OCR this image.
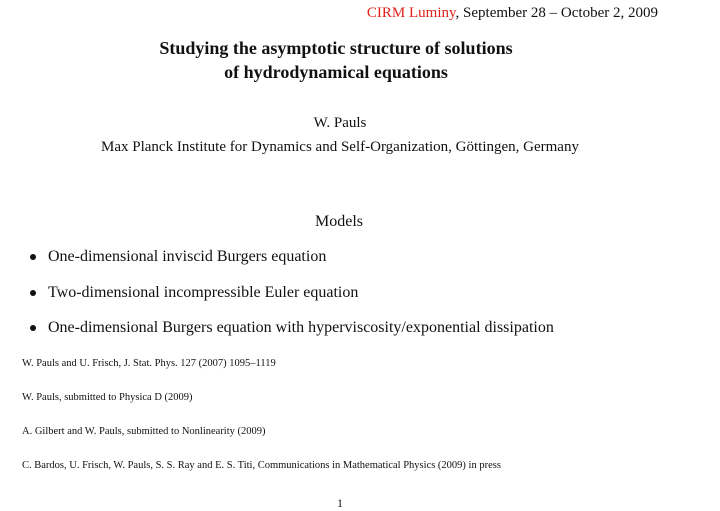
CIRM Luminy, September 28 – October 2, 2009
Studying the asymptotic structure of solutions
of hydrodynamical equations
W. Pauls
Max Planck Institute for Dynamics and Self-Organization, Göttingen, Germany
Models
One-dimensional inviscid Burgers equation
Two-dimensional incompressible Euler equation
One-dimensional Burgers equation with hyperviscosity/exponential dissipation
W. Pauls and U. Frisch, J. Stat. Phys. 127 (2007) 1095–1119
W. Pauls, submitted to Physica D (2009)
A. Gilbert and W. Pauls, submitted to Nonlinearity (2009)
C. Bardos, U. Frisch, W. Pauls, S. S. Ray and E. S. Titi, Communications in Mathematical Physics (2009) in press
1
